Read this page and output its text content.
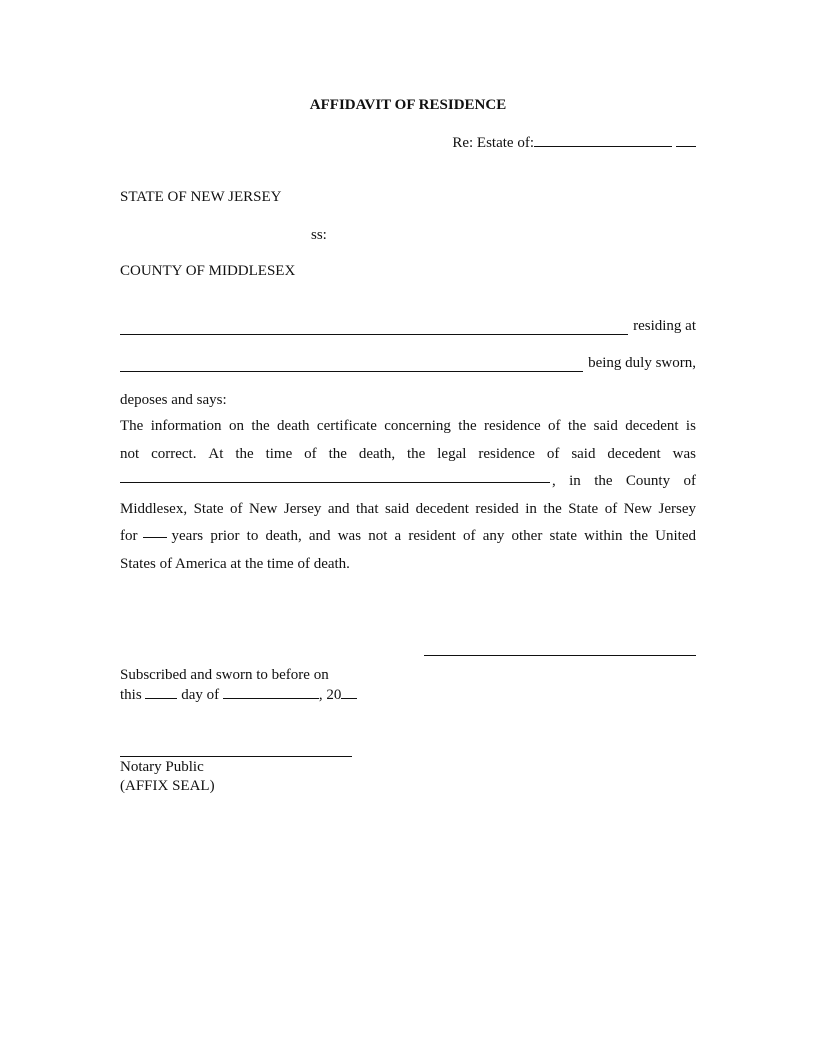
AFFIDAVIT OF RESIDENCE
Re: Estate of:
STATE OF NEW JERSEY
ss:
COUNTY OF MIDDLESEX
residing at
being duly sworn,
deposes and says:
The information on the death certificate concerning the residence of the said decedent is
not correct. At the time of the death, the legal residence of said decedent was
, in the County of
Middlesex, State of New Jersey and that said decedent resided in the State of New Jersey
for years prior to death, and was not a resident of any other state within the United
States of America at the time of death.
Subscribed and sworn to before on
this	day of	, 20
Notary Public
(AFFIX SEAL)
